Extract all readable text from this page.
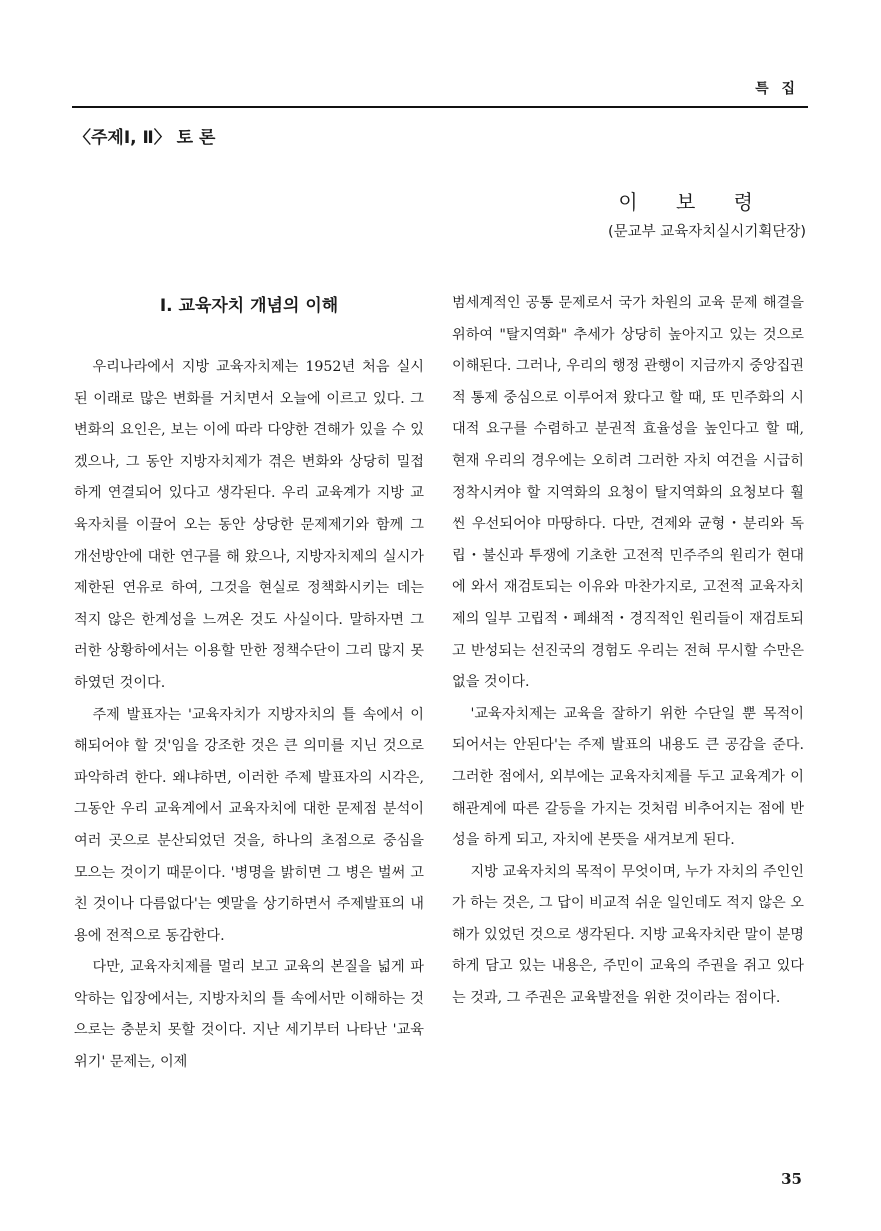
특 집
〈주제Ⅰ, Ⅱ〉 토 론
이 보 령
(문교부 교육자치실시기획단장)
Ⅰ. 교육자치 개념의 이해

우리나라에서 지방 교육자치제는 1952년 처음 실시된 이래로 많은 변화를 거치면서 오늘에 이르고 있다. 그 변화의 요인은, 보는 이에 따라 다양한 견해가 있을 수 있겠으나, 그 동안 지방자치제가 겪은 변화와 상당히 밀접하게 연결되어 있다고 생각된다. 우리 교육계가 지방 교육자치를 이끌어 오는 동안 상당한 문제제기와 함께 그 개선방안에 대한 연구를 해 왔으나, 지방자치제의 실시가 제한된 연유로 하여, 그것을 현실로 정책화시키는 데는 적지 않은 한계성을 느껴온 것도 사실이다. 말하자면 그러한 상황하에서는 이용할 만한 정책수단이 그리 많지 못하였던 것이다.

주제 발표자는 '교육자치가 지방자치의 틀 속에서 이해되어야 할 것'임을 강조한 것은 큰 의미를 지닌 것으로 파악하려 한다. 왜냐하면, 이러한 주제 발표자의 시각은, 그동안 우리 교육계에서 교육자치에 대한 문제점 분석이 여러 곳으로 분산되었던 것을, 하나의 초점으로 중심을 모으는 것이기 때문이다. '병명을 밝히면 그 병은 벌써 고친 것이나 다름없다'는 옛말을 상기하면서 주제발표의 내용에 전적으로 동감한다.

다만, 교육자치제를 멀리 보고 교육의 본질을 넓게 파악하는 입장에서는, 지방자치의 틀 속에서만 이해하는 것으로는 충분치 못할 것이다. 지난 세기부터 나타난 '교육위기' 문제는, 이제

범세계적인 공통 문제로서 국가 차원의 교육 문제 해결을 위하여 "탈지역화" 추세가 상당히 높아지고 있는 것으로 이해된다. 그러나, 우리의 행정 관행이 지금까지 중앙집권적 통제 중심으로 이루어져 왔다고 할 때, 또 민주화의 시대적 요구를 수렴하고 분권적 효율성을 높인다고 할 때, 현재 우리의 경우에는 오히려 그러한 자치 여건을 시급히 정착시켜야 할 지역화의 요청이 탈지역화의 요청보다 훨씬 우선되어야 마땅하다. 다만, 견제와 균형・분리와 독립・불신과 투쟁에 기초한 고전적 민주주의 원리가 현대에 와서 재검토되는 이유와 마찬가지로, 고전적 교육자치제의 일부 고립적・폐쇄적・경직적인 원리들이 재검토되고 반성되는 선진국의 경험도 우리는 전혀 무시할 수만은 없을 것이다.

'교육자치제는 교육을 잘하기 위한 수단일 뿐 목적이 되어서는 안된다'는 주제 발표의 내용도 큰 공감을 준다. 그러한 점에서, 외부에는 교육자치제를 두고 교육계가 이해관계에 따른 갈등을 가지는 것처럼 비추어지는 점에 반성을 하게 되고, 자치에 본뜻을 새겨보게 된다.

지방 교육자치의 목적이 무엇이며, 누가 자치의 주인인가 하는 것은, 그 답이 비교적 쉬운 일인데도 적지 않은 오해가 있었던 것으로 생각된다. 지방 교육자치란 말이 분명하게 담고 있는 내용은, 주민이 교육의 주권을 쥐고 있다는 것과, 그 주권은 교육발전을 위한 것이라는 점이다.

35
